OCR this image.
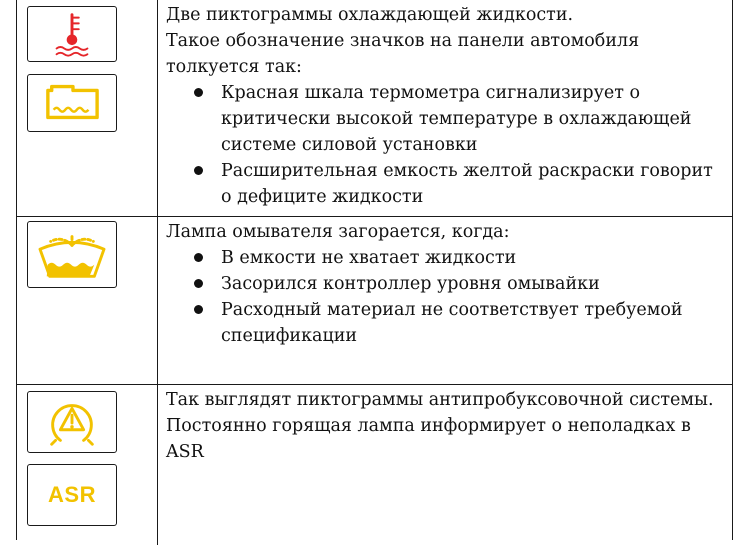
Две пиктограммы охлаждающей жидкости.

Такое обозначение значков на панели автомобиля толкуется так:

Красная шкала термометра сигнализирует о критически высокой температуре в охлаждающей системе силовой установки
Расширительная емкость желтой раскраски говорит о дефиците жидкости

Лампа омывателя загорается, когда:

В емкости не хватает жидкости
Засорился контроллер уровня омывайки
Расходный материал не соответствует требуемой спецификации
ASR

Так выглядят пиктограммы антипробуксовочной системы. Постоянно горящая лампа информирует о неполадках в ASR
